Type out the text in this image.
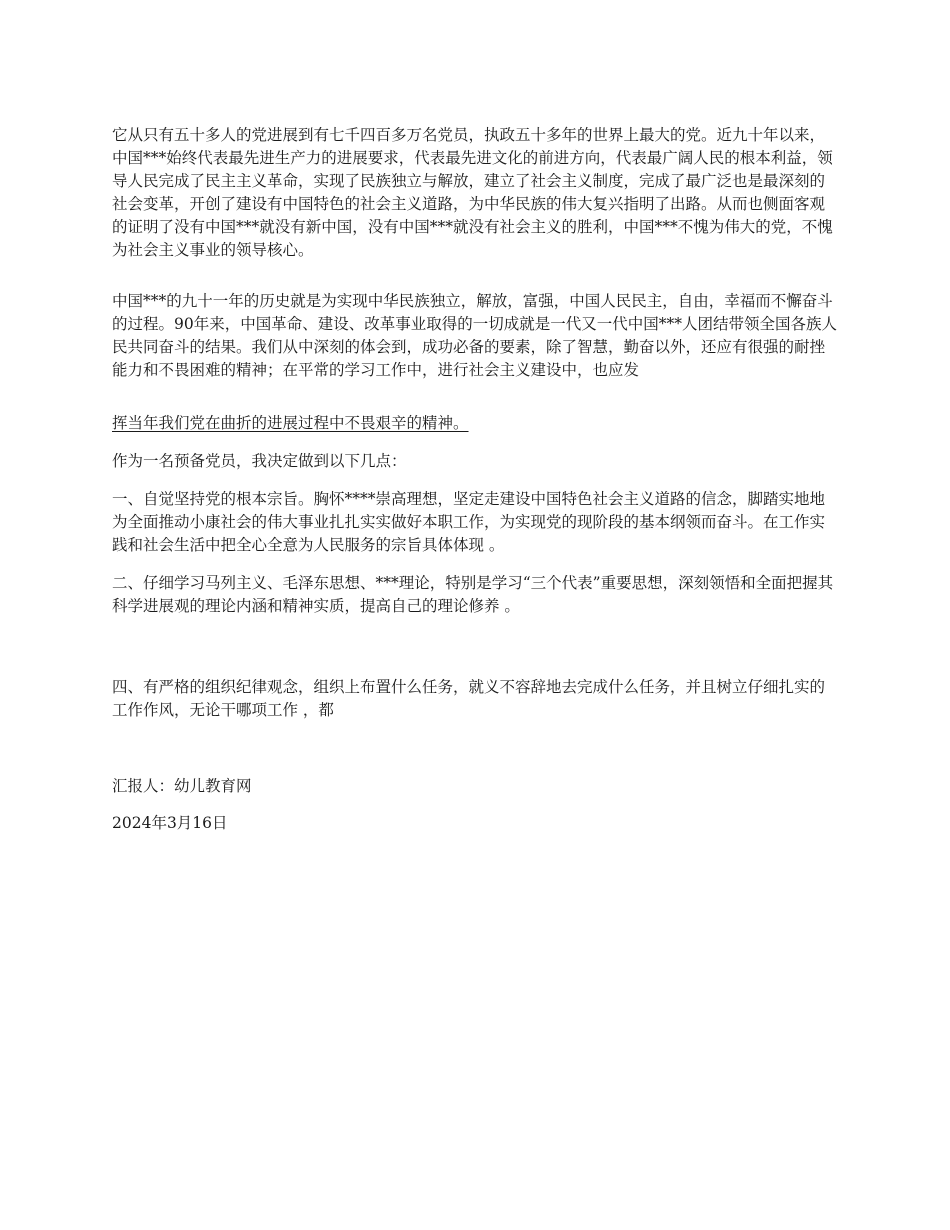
它从只有五十多人的党进展到有七千四百多万名党员，执政五十多年的世界上最大的党。近九十年以来，中国***始终代表最先进生产力的进展要求，代表最先进文化的前进方向，代表最广阔人民的根本利益，领导人民完成了民主主义革命，实现了民族独立与解放，建立了社会主义制度，完成了最广泛也是最深刻的社会变革，开创了建设有中国特色的社会主义道路，为中华民族的伟大复兴指明了出路。从而也侧面客观的证明了没有中国***就没有新中国，没有中国***就没有社会主义的胜利，中国***不愧为伟大的党，不愧为社会主义事业的领导核心。

中国***的九十一年的历史就是为实现中华民族独立，解放，富强，中国人民民主，自由，幸福而不懈奋斗的过程。90年来，中国革命、建设、改革事业取得的一切成就是一代又一代中国***人团结带领全国各族人民共同奋斗的结果。我们从中深刻的体会到，成功必备的要素，除了智慧，勤奋以外，还应有很强的耐挫能力和不畏困难的精神；在平常的学习工作中，进行社会主义建设中，也应发

挥当年我们党在曲折的进展过程中不畏艰辛的精神。

作为一名预备党员，我决定做到以下几点：

一、自觉坚持党的根本宗旨。胸怀****崇高理想，坚定走建设中国特色社会主义道路的信念，脚踏实地地为全面推动小康社会的伟大事业扎扎实实做好本职工作，为实现党的现阶段的基本纲领而奋斗。在工作实践和社会生活中把全心全意为人民服务的宗旨具体体现 。

二、仔细学习马列主义、毛泽东思想、***理论，特别是学习“三个代表”重要思想，深刻领悟和全面把握其科学进展观的理论内涵和精神实质，提高自己的理论修养 。

四、有严格的组织纪律观念，组织上布置什么任务，就义不容辞地去完成什么任务，并且树立仔细扎实的工作作风，无论干哪项工作 ，都

汇报人：幼儿教育网

2024年3月16日
